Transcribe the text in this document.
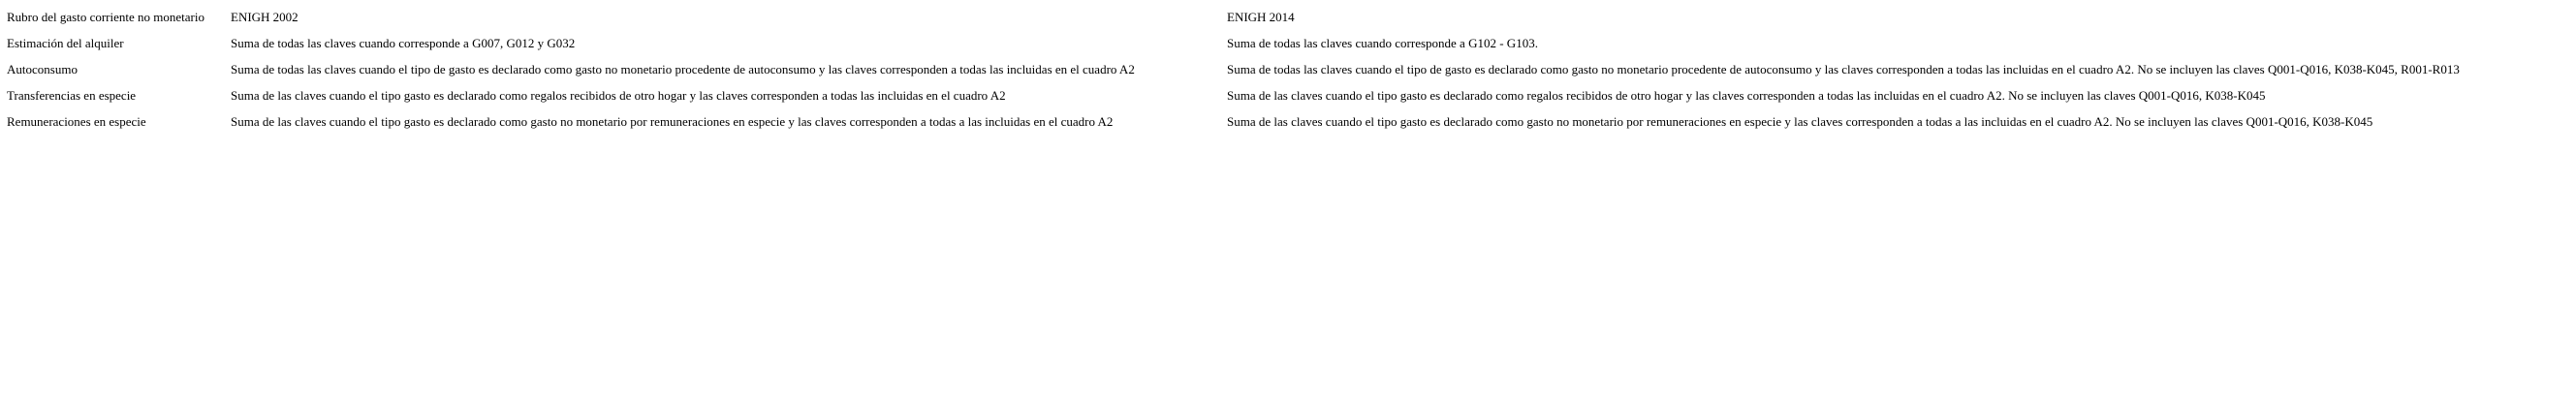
Rubro del gasto corriente no monetario	ENIGH 2002	ENIGH 2014
Estimación del alquiler	Suma de todas las claves cuando corresponde a G007, G012 y G032	Suma de todas las claves cuando corresponde a G102 - G103.
Autoconsumo	Suma de todas las claves cuando el tipo de gasto es declarado como gasto no monetario procedente de autoconsumo y las claves corresponden a todas las incluidas en el cuadro A2	Suma de todas las claves cuando el tipo de gasto es declarado como gasto no monetario procedente de autoconsumo y las claves corresponden a todas las incluidas en el cuadro A2. No se incluyen las claves Q001-Q016, K038-K045, R001-R013
Transferencias en especie	Suma de las claves cuando el tipo gasto es declarado como regalos recibidos de otro hogar y las claves corresponden a todas las incluidas en el cuadro A2	Suma de las claves cuando el tipo gasto es declarado como regalos recibidos de otro hogar y las claves corresponden a todas las incluidas en el cuadro A2. No se incluyen las claves Q001-Q016, K038-K045
Remuneraciones en especie	Suma de las claves cuando el tipo gasto es declarado como gasto no monetario por remuneraciones en especie y las claves corresponden a todas a las incluidas en el cuadro A2	Suma de las claves cuando el tipo gasto es declarado como gasto no monetario por remuneraciones en especie y las claves corresponden a todas a las incluidas en el cuadro A2. No se incluyen las claves Q001-Q016, K038-K045
